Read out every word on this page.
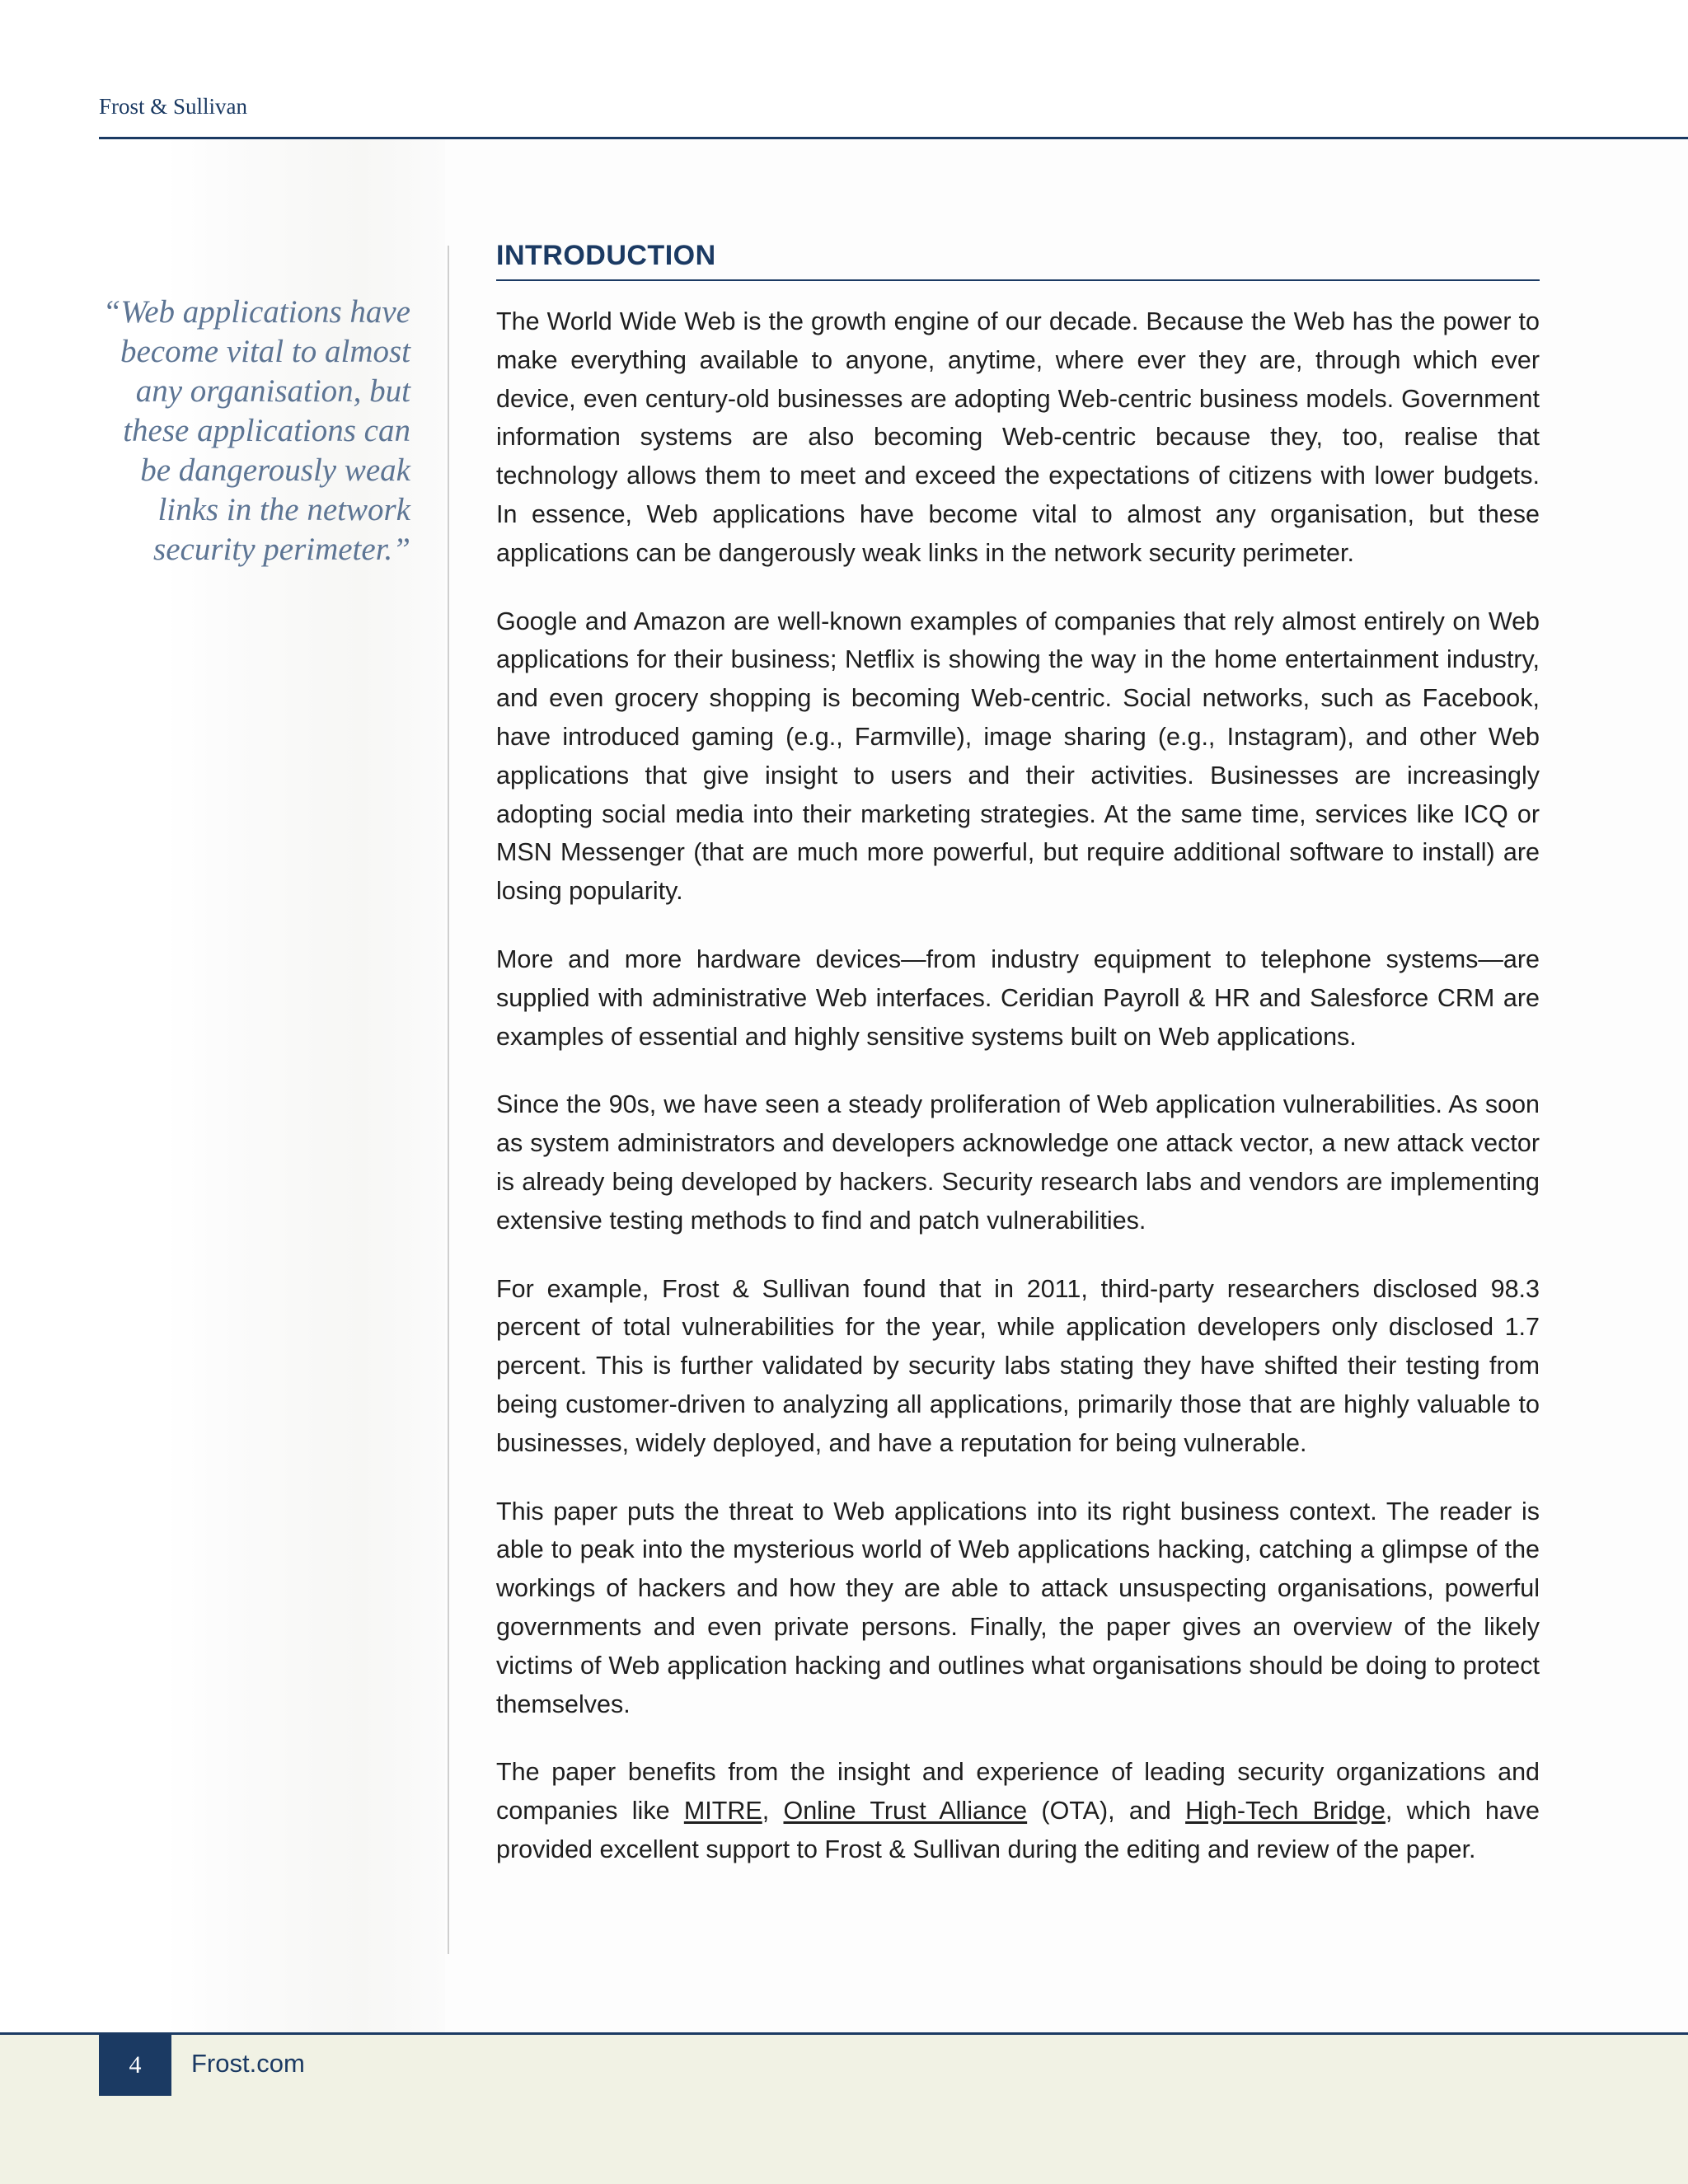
Frost & Sullivan

“Web applications have become vital to almost any organisation, but these applications can be dangerously weak links in the network security perimeter.”

INTRODUCTION

The World Wide Web is the growth engine of our decade. Because the Web has the power to make everything available to anyone, anytime, where ever they are, through which ever device, even century-old businesses are adopting Web-centric business models. Government information systems are also becoming Web-centric because they, too, realise that technology allows them to meet and exceed the expectations of citizens with lower budgets. In essence, Web applications have become vital to almost any organisation, but these applications can be dangerously weak links in the network security perimeter.

Google and Amazon are well-known examples of companies that rely almost entirely on Web applications for their business; Netflix is showing the way in the home entertainment industry, and even grocery shopping is becoming Web-centric. Social networks, such as Facebook, have introduced gaming (e.g., Farmville), image sharing (e.g., Instagram), and other Web applications that give insight to users and their activities. Businesses are increasingly adopting social media into their marketing strategies. At the same time, services like ICQ or MSN Messenger (that are much more powerful, but require additional software to install) are losing popularity.

More and more hardware devices—from industry equipment to telephone systems—are supplied with administrative Web interfaces. Ceridian Payroll & HR and Salesforce CRM are examples of essential and highly sensitive systems built on Web applications.

Since the 90s, we have seen a steady proliferation of Web application vulnerabilities. As soon as system administrators and developers acknowledge one attack vector, a new attack vector is already being developed by hackers. Security research labs and vendors are implementing extensive testing methods to find and patch vulnerabilities.

For example, Frost & Sullivan found that in 2011, third-party researchers disclosed 98.3 percent of total vulnerabilities for the year, while application developers only disclosed 1.7 percent. This is further validated by security labs stating they have shifted their testing from being customer-driven to analyzing all applications, primarily those that are highly valuable to businesses, widely deployed, and have a reputation for being vulnerable.

This paper puts the threat to Web applications into its right business context. The reader is able to peak into the mysterious world of Web applications hacking, catching a glimpse of the workings of hackers and how they are able to attack unsuspecting organisations, powerful governments and even private persons. Finally, the paper gives an overview of the likely victims of Web application hacking and outlines what organisations should be doing to protect themselves.

The paper benefits from the insight and experience of leading security organizations and companies like MITRE, Online Trust Alliance (OTA), and High-Tech Bridge, which have provided excellent support to Frost & Sullivan during the editing and review of the paper.

4	Frost.com
